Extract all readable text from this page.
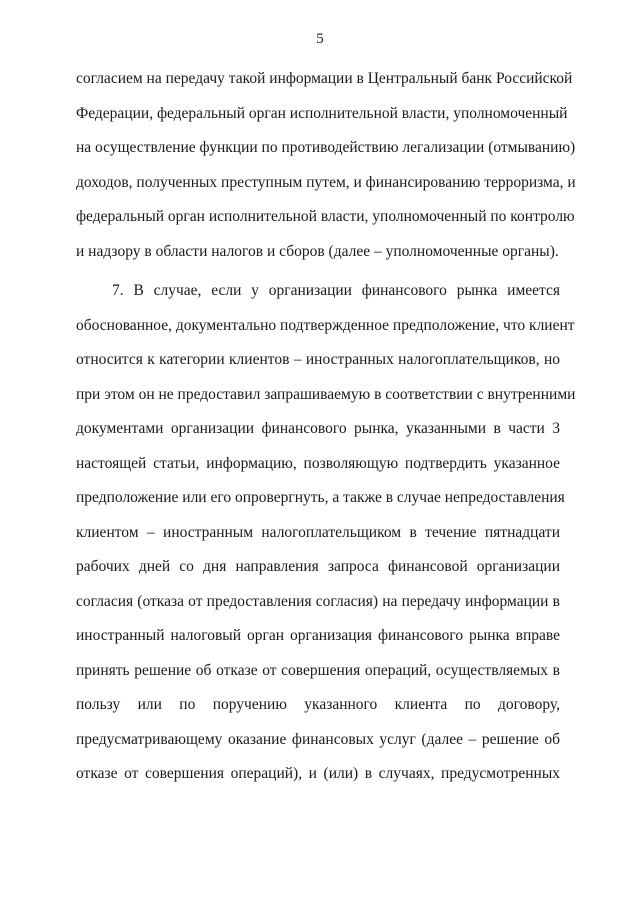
5
согласием на передачу такой информации в Центральный банк Российской
Федерации, федеральный орган исполнительной власти, уполномоченный
на осуществление функции по противодействию легализации (отмыванию)
доходов, полученных преступным путем, и финансированию терроризма, и
федеральный орган исполнительной власти, уполномоченный по контролю
и надзору в области налогов и сборов (далее – уполномоченные органы).
7. В случае, если у организации финансового рынка имеется
обоснованное, документально подтвержденное предположение, что клиент
относится к категории клиентов – иностранных налогоплательщиков, но
при этом он не предоставил запрашиваемую в соответствии с внутренними
документами организации финансового рынка, указанными в части 3
настоящей статьи, информацию, позволяющую подтвердить указанное
предположение или его опровергнуть, а также в случае непредоставления
клиентом – иностранным налогоплательщиком в течение пятнадцати
рабочих дней со дня направления запроса финансовой организации
согласия (отказа от предоставления согласия) на передачу информации в
иностранный налоговый орган организация финансового рынка вправе
принять решение об отказе от совершения операций, осуществляемых в
пользу или по поручению указанного клиента по договору,
предусматривающему оказание финансовых услуг (далее – решение об
отказе от совершения операций), и (или) в случаях, предусмотренных
